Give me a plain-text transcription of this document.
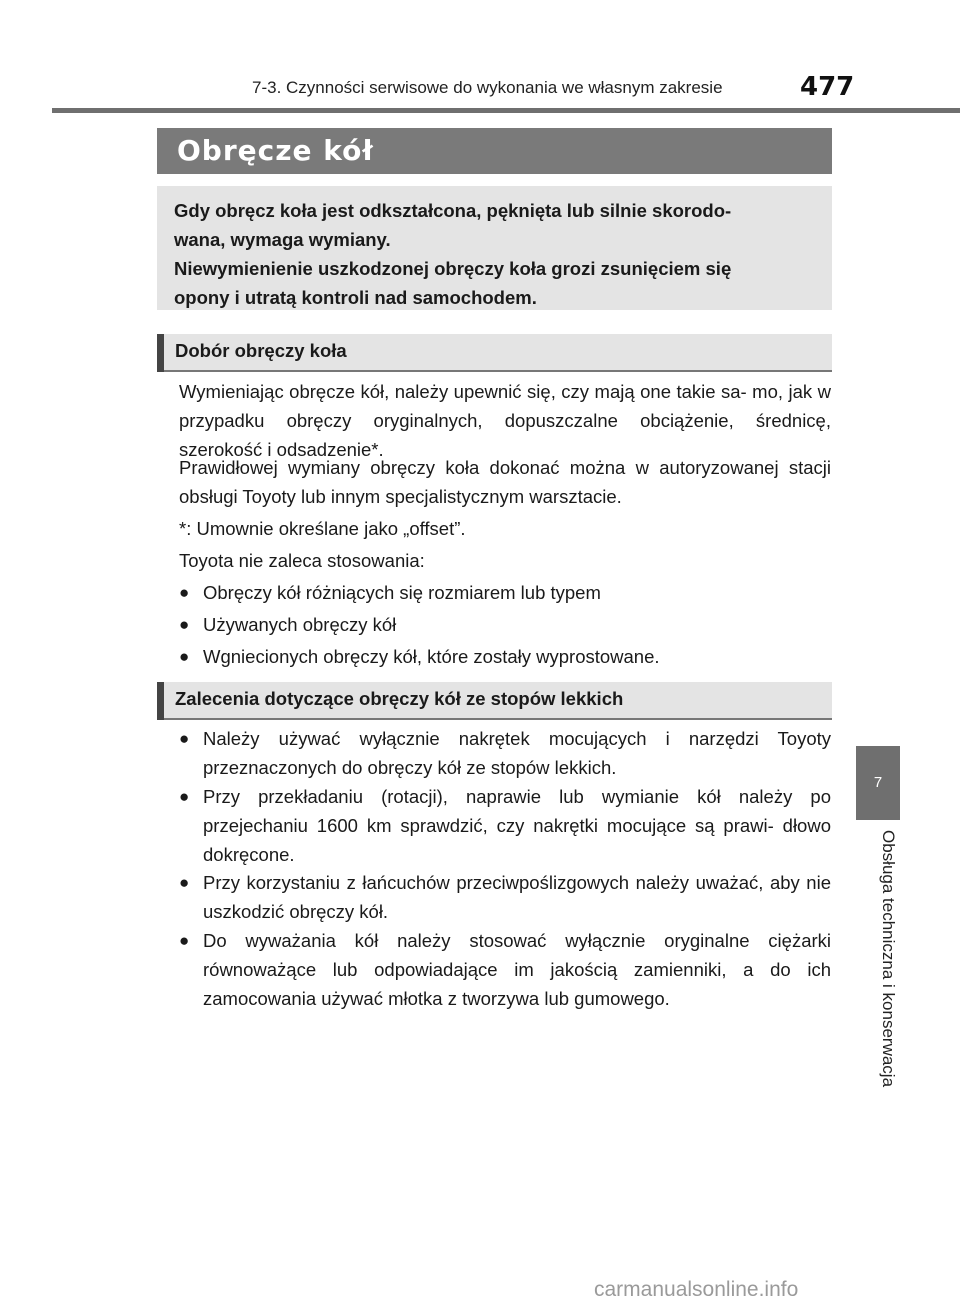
7-3. Czynności serwisowe do wykonania we własnym zakresie	477
Obręcze kół
Gdy obręcz koła jest odkształcona, pęknięta lub silnie skorodo-
wana, wymaga wymiany.
Niewymienienie uszkodzonej obręczy koła grozi zsunięciem się
opony i utratą kontroli nad samochodem.
Dobór obręczy koła
Wymieniając obręcze kół, należy upewnić się, czy mają one takie sa- mo, jak w przypadku obręczy oryginalnych, dopuszczalne obciążenie, średnicę, szerokość i odsadzenie*.
Prawidłowej wymiany obręczy koła dokonać można w autoryzowanej stacji obsługi Toyoty lub innym specjalistycznym warsztacie.
*: Umownie określane jako „offset”.
Toyota nie zaleca stosowania:
● Obręczy kół różniących się rozmiarem lub typem
● Używanych obręczy kół
● Wgniecionych obręczy kół, które zostały wyprostowane.
Zalecenia dotyczące obręczy kół ze stopów lekkich
● Należy używać wyłącznie nakrętek mocujących i narzędzi Toyoty przeznaczonych do obręczy kół ze stopów lekkich.
● Przy przekładaniu (rotacji), naprawie lub wymianie kół należy po przejechaniu 1600 km sprawdzić, czy nakrętki mocujące są prawi- dłowo dokręcone.
● Przy korzystaniu z łańcuchów przeciwpoślizgowych należy uważać, aby nie uszkodzić obręczy kół.
● Do wyważania kół należy stosować wyłącznie oryginalne ciężarki równoważące lub odpowiadające im jakością zamienniki, a do ich zamocowania używać młotka z tworzywa lub gumowego.
7
Obsługa techniczna i konserwacja
carmanualsonline.info
